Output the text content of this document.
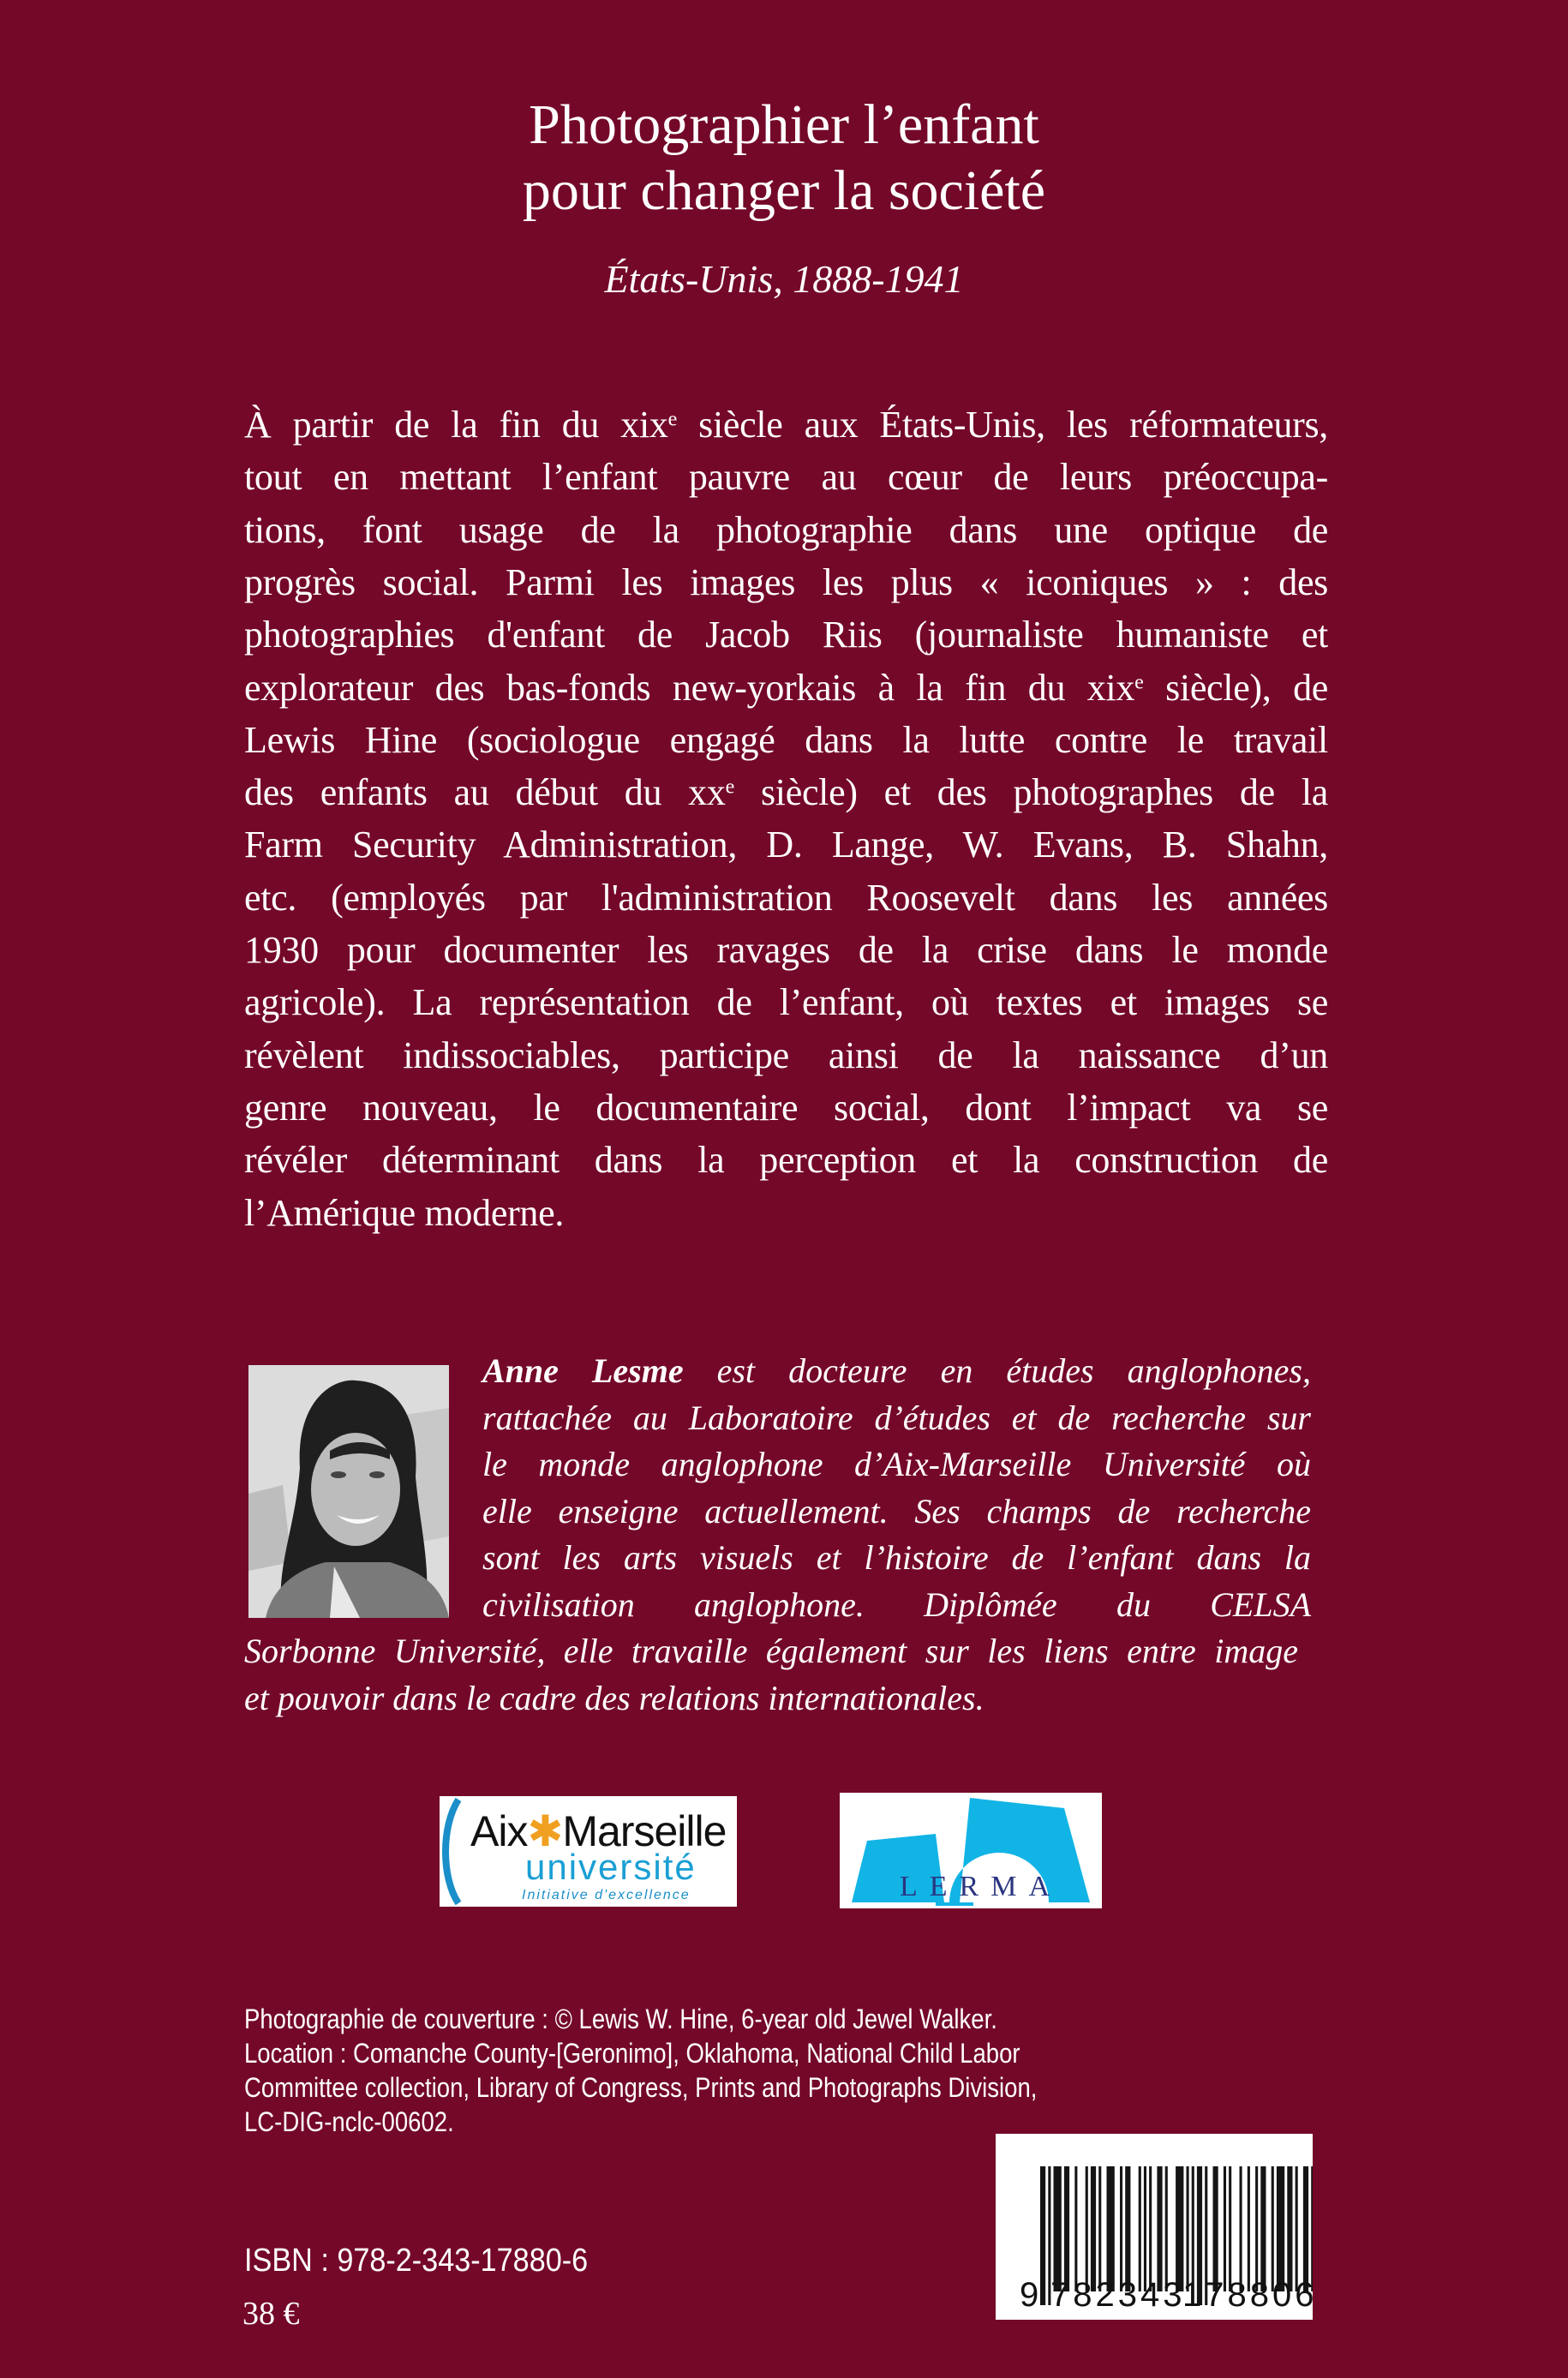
Photographier l’enfant
pour changer la société
États-Unis, 1888-1941
À partir de la fin du xix$^e$ siècle aux États-Unis, les réformateurs,
tout en mettant l’enfant pauvre au cœur de leurs préoccupa-
tions, font usage de la photographie dans une optique de
progrès social. Parmi les images les plus « iconiques » : des
photographies d'enfant de Jacob Riis (journaliste humaniste et
explorateur des bas-fonds new-yorkais à la fin du xix$^e$ siècle), de
Lewis Hine (sociologue engagé dans la lutte contre le travail
des enfants au début du $xx^e$ siècle) et des photographes de la
Farm Security Administration, D. Lange, W. Evans, B. Shahn,
etc. (employés par l'administration Roosevelt dans les années
1930 pour documenter les ravages de la crise dans le monde
agricole). La représentation de l’enfant, où textes et images se
révèlent indissociables, participe ainsi de la naissance d’un
genre nouveau, le documentaire social, dont l’impact va se
révéler déterminant dans la perception et la construction de
l’Amérique moderne.
Anne Lesme est docteure en études anglophones,
rattachée au Laboratoire d’études et de recherche sur
le monde anglophone d’Aix-Marseille Université où
elle enseigne actuellement. Ses champs de recherche
sont les arts visuels et l’histoire de l’enfant dans la
civilisation anglophone. Diplômée du CELSA
Sorbonne Université, elle travaille également sur les liens entre image
et pouvoir dans le cadre des relations internationales.
Aix✱Marseille
université
Initiative d'excellence	LERMA
Photographie de couverture : © Lewis W. Hine, 6-year old Jewel Walker.
Location : Comanche County-[Geronimo], Oklahoma, National Child Labor
Committee collection, Library of Congress, Prints and Photographs Division,
LC-DIG-nclc-00602.
ISBN : 978-2-343-17880-6
38 €	9 782343
178806
